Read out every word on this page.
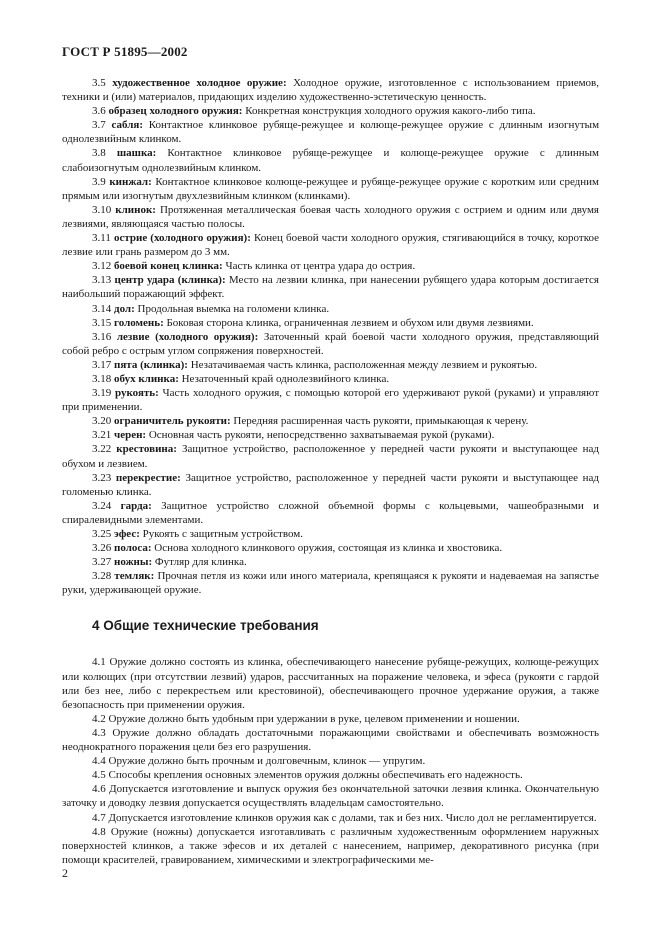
ГОСТ Р 51895—2002

3.5 художественное холодное оружие: Холодное оружие, изготовленное с использованием приемов, техники и (или) материалов, придающих изделию художественно-эстетическую ценность.

3.6 образец холодного оружия: Конкретная конструкция холодного оружия какого-либо типа.

3.7 сабля: Контактное клинковое рубяще-режущее и колюще-режущее оружие с длинным изогнутым однолезвийным клинком.

3.8 шашка: Контактное клинковое рубяще-режущее и колюще-режущее оружие с длинным слабоизогнутым однолезвийным клинком.

3.9 кинжал: Контактное клинковое колюще-режущее и рубяще-режущее оружие с коротким или средним прямым или изогнутым двухлезвийным клинком (клинками).

3.10 клинок: Протяженная металлическая боевая часть холодного оружия с острием и одним или двумя лезвиями, являющаяся частью полосы.

3.11 острие (холодного оружия): Конец боевой части холодного оружия, стягивающийся в точку, короткое лезвие или грань размером до 3 мм.

3.12 боевой конец клинка: Часть клинка от центра удара до острия.

3.13 центр удара (клинка): Место на лезвии клинка, при нанесении рубящего удара которым достигается наибольший поражающий эффект.

3.14 дол: Продольная выемка на голомени клинка.

3.15 голомень: Боковая сторона клинка, ограниченная лезвием и обухом или двумя лезвиями.

3.16 лезвие (холодного оружия): Заточенный край боевой части холодного оружия, представляющий собой ребро с острым углом сопряжения поверхностей.

3.17 пята (клинка): Незатачиваемая часть клинка, расположенная между лезвием и рукоятью.

3.18 обух клинка: Незаточенный край однолезвийного клинка.

3.19 рукоять: Часть холодного оружия, с помощью которой его удерживают рукой (руками) и управляют при применении.

3.20 ограничитель рукояти: Передняя расширенная часть рукояти, примыкающая к черену.

3.21 черен: Основная часть рукояти, непосредственно захватываемая рукой (руками).

3.22 крестовина: Защитное устройство, расположенное у передней части рукояти и выступающее над обухом и лезвием.

3.23 перекрестие: Защитное устройство, расположенное у передней части рукояти и выступающее над голоменью клинка.

3.24 гарда: Защитное устройство сложной объемной формы с кольцевыми, чашеобразными и спиралевидными элементами.

3.25 эфес: Рукоять с защитным устройством.

3.26 полоса: Основа холодного клинкового оружия, состоящая из клинка и хвостовика.

3.27 ножны: Футляр для клинка.

3.28 темляк: Прочная петля из кожи или иного материала, крепящаяся к рукояти и надеваемая на запястье руки, удерживающей оружие.

4 Общие технические требования

4.1 Оружие должно состоять из клинка, обеспечивающего нанесение рубяще-режущих, колюще-режущих или колющих (при отсутствии лезвий) ударов, рассчитанных на поражение человека, и эфеса (рукояти с гардой или без нее, либо с перекрестьем или крестовиной), обеспечивающего прочное удержание оружия, а также безопасность при применении оружия.

4.2 Оружие должно быть удобным при удержании в руке, целевом применении и ношении.

4.3 Оружие должно обладать достаточными поражающими свойствами и обеспечивать возможность неоднократного поражения цели без его разрушения.

4.4 Оружие должно быть прочным и долговечным, клинок — упругим.

4.5 Способы крепления основных элементов оружия должны обеспечивать его надежность.

4.6 Допускается изготовление и выпуск оружия без окончательной заточки лезвия клинка. Окончательную заточку и доводку лезвия допускается осуществлять владельцам самостоятельно.

4.7 Допускается изготовление клинков оружия как с долами, так и без них. Число дол не регламентируется.

4.8 Оружие (ножны) допускается изготавливать с различным художественным оформлением наружных поверхностей клинков, а также эфесов и их деталей с нанесением, например, декоративного рисунка (при помощи красителей, гравированием, химическими и электрографическими ме-

2
